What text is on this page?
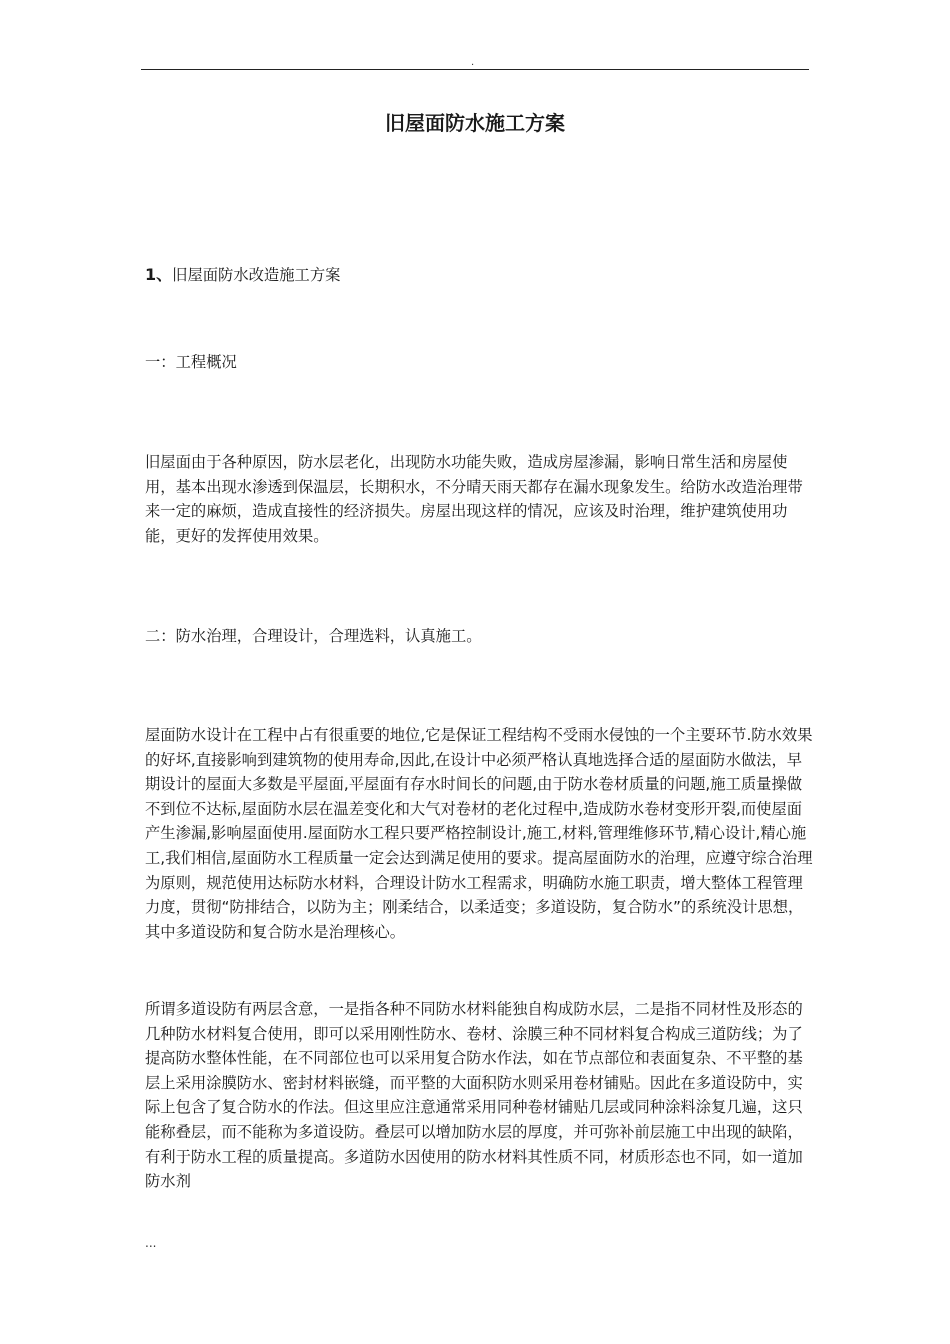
.
旧屋面防水施工方案
1、旧屋面防水改造施工方案
一：工程概况

旧屋面由于各种原因，防水层老化，出现防水功能失败，造成房屋渗漏，影响日常生活和房屋使用，基本出现水渗透到保温层，长期积水，不分晴天雨天都存在漏水现象发生。给防水改造治理带来一定的麻烦，造成直接性的经济损失。房屋出现这样的情况，应该及时治理，维护建筑使用功能，更好的发挥使用效果。

二：防水治理，合理设计，合理选料，认真施工。

屋面防水设计在工程中占有很重要的地位,它是保证工程结构不受雨水侵蚀的一个主要环节.防水效果的好坏,直接影响到建筑物的使用寿命,因此,在设计中必须严格认真地选择合适的屋面防水做法，早期设计的屋面大多数是平屋面,平屋面有存水时间长的问题,由于防水卷材质量的问题,施工质量操做不到位不达标,屋面防水层在温差变化和大气对卷材的老化过程中,造成防水卷材变形开裂,而使屋面产生渗漏,影响屋面使用.屋面防水工程只要严格控制设计,施工,材料,管理维修环节,精心设计,精心施工,我们相信,屋面防水工程质量一定会达到满足使用的要求。提高屋面防水的治理，应遵守综合治理为原则，规范使用达标防水材料，合理设计防水工程需求，明确防水施工职责，增大整体工程管理力度，贯彻“防排结合，以防为主；刚柔结合，以柔适变；多道设防，复合防水”的系统没计思想，其中多道设防和复合防水是治理核心。

所谓多道设防有两层含意，一是指各种不同防水材料能独自构成防水层，二是指不同材性及形态的几种防水材料复合使用，即可以采用刚性防水、卷材、涂膜三种不同材料复合构成三道防线；为了提高防水整体性能，在不同部位也可以采用复合防水作法，如在节点部位和表面复杂、不平整的基层上采用涂膜防水、密封材料嵌缝，而平整的大面积防水则采用卷材铺贴。因此在多道设防中，实际上包含了复合防水的作法。但这里应注意通常采用同种卷材铺贴几层或同种涂料涂复几遍，这只能称叠层，而不能称为多道设防。叠层可以增加防水层的厚度，并可弥补前层施工中出现的缺陷，有利于防水工程的质量提高。多道防水因使用的防水材料其性质不同，材质形态也不同，如一道加防水剂

...
